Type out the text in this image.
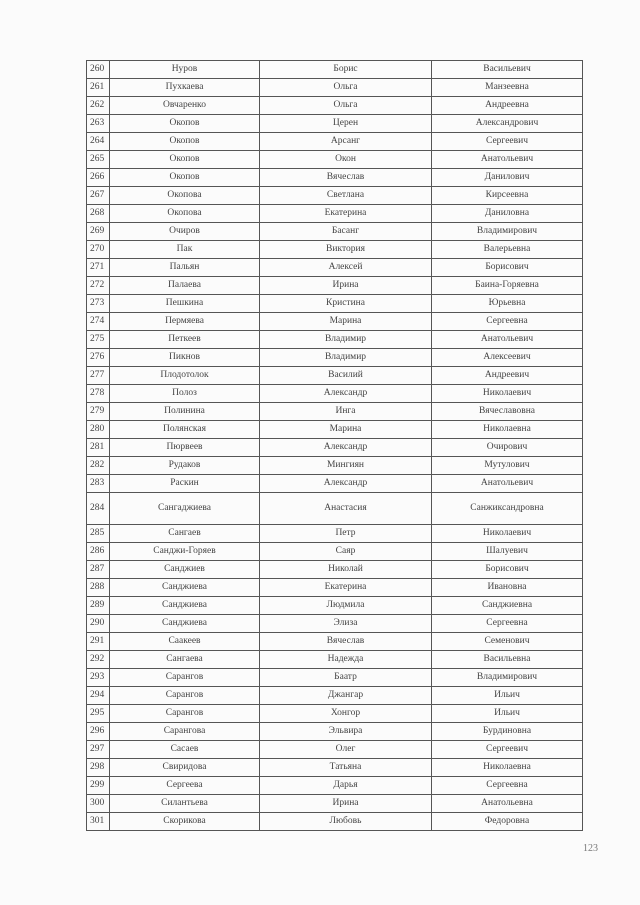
260	Нуров	Борис	Васильевич
261	Пухкаева	Ольга	Манзеевна
262	Овчаренко	Ольга	Андреевна
263	Окопов	Церен	Александрович
264	Окопов	Арсанг	Сергеевич
265	Окопов	Окон	Анатольевич
266	Окопов	Вячеслав	Данилович
267	Окопова	Светлана	Кирсеевна
268	Окопова	Екатерина	Даниловна
269	Очиров	Басанг	Владимирович
270	Пак	Виктория	Валерьевна
271	Пальян	Алексей	Борисович
272	Палаева	Ирина	Баина-Горяевна
273	Пешкина	Кристина	Юрьевна
274	Пермяева	Марина	Сергеевна
275	Петкеев	Владимир	Анатольевич
276	Пикнов	Владимир	Алексеевич
277	Плодотолок	Василий	Андреевич
278	Полоз	Александр	Николаевич
279	Полинина	Инга	Вячеславовна
280	Полянская	Марина	Николаевна
281	Пюрвеев	Александр	Очирович
282	Рудаков	Мингиян	Мутулович
283	Раскин	Александр	Анатольевич
284	Сангаджиева	Анастасия	Санжиксандровна
285	Сангаев	Петр	Николаевич
286	Санджи-Горяев	Саяр	Шалуевич
287	Санджиев	Николай	Борисович
288	Санджиева	Екатерина	Ивановна
289	Санджиева	Людмила	Санджиевна
290	Санджиева	Элиза	Сергеевна
291	Саакеев	Вячеслав	Семенович
292	Сангаева	Надежда	Васильевна
293	Сарангов	Баатр	Владимирович
294	Сарангов	Джангар	Ильич
295	Сарангов	Хонгор	Ильич
296	Сарангова	Эльвира	Бурдиновна
297	Сасаев	Олег	Сергеевич
298	Свиридова	Татьяна	Николаевна
299	Сергеева	Дарья	Сергеевна
300	Силантьева	Ирина	Анатольевна
301	Скорикова	Любовь	Федоровна
123
